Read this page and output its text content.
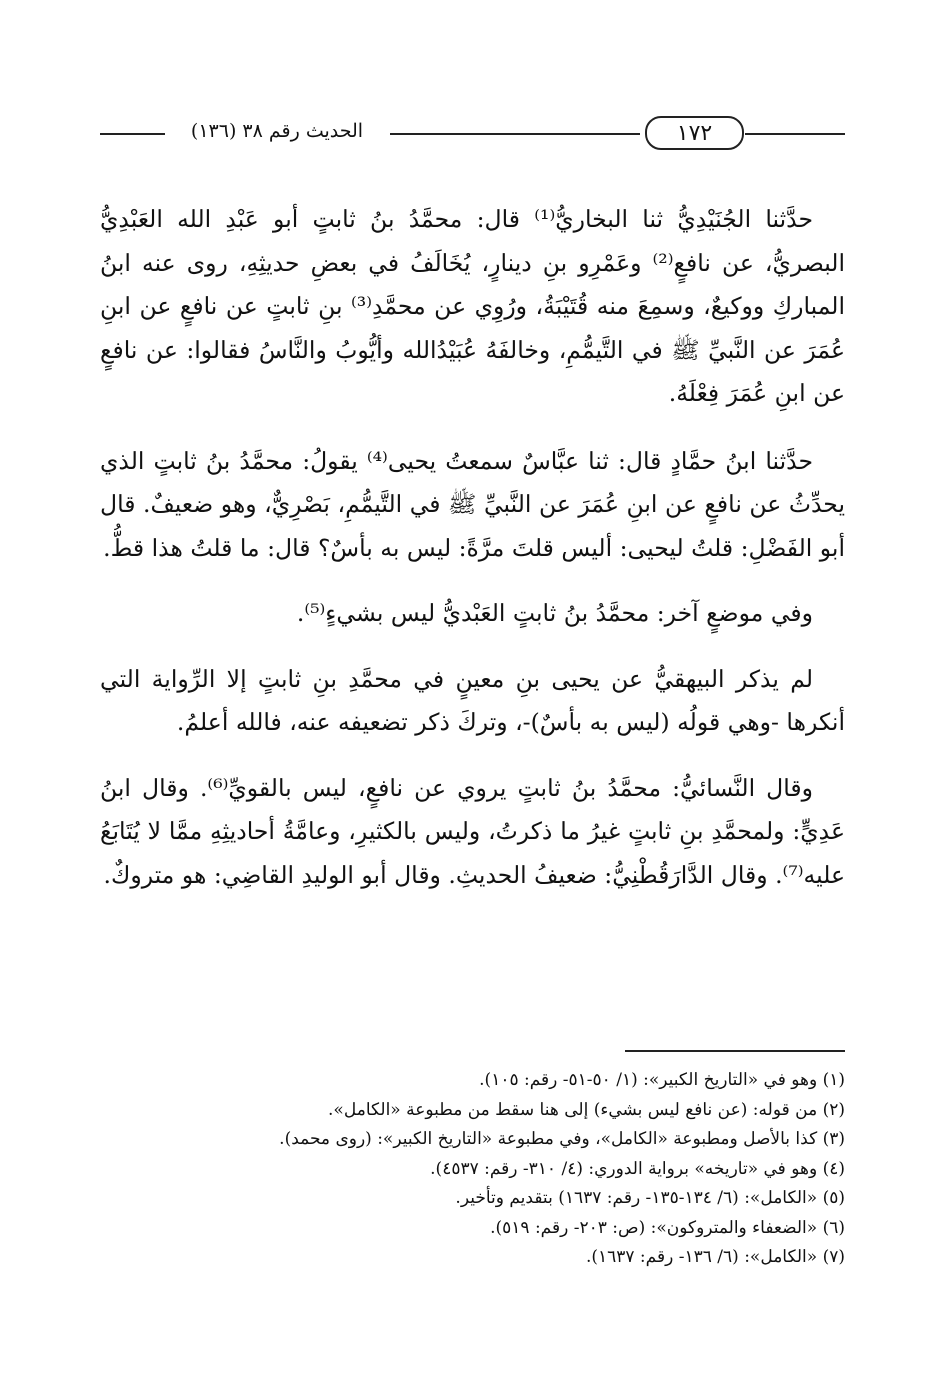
الحديث رقم ٣٨ (١٣٦)	١٧٢

حدَّثنا الجُنَيْدِيُّ ثنا البخاريُّ⁽¹⁾ قال: محمَّدُ بنُ ثابتٍ أبو عَبْدِ الله العَبْدِيُّ البصريُّ، عن نافعٍ⁽²⁾ وعَمْرِو بنِ دينارٍ، يُخَالَفُ في بعضِ حديثِهِ، روى عنه ابنُ المباركِ ووكيعٌ، وسمِعَ منه قُتَيْبَةُ، ورُوِي عن محمَّدِ⁽³⁾ بنِ ثابتٍ عن نافعٍ عن ابنِ عُمَرَ عن النَّبيِّ ﷺ في التَّيمُّمِ، وخالفَهُ عُبَيْدُالله وأيُّوبُ والنَّاسُ فقالوا: عن نافعٍ عن ابنِ عُمَرَ فِعْلَهُ.

حدَّثنا ابنُ حمَّادٍ قال: ثنا عبَّاسٌ سمعتُ يحيى⁽⁴⁾ يقولُ: محمَّدُ بنُ ثابتٍ الذي يحدِّثُ عن نافعٍ عن ابنِ عُمَرَ عن النَّبيِّ ﷺ في التَّيمُّمِ، بَصْرِيٌّ، وهو ضعيفٌ. قال أبو الفَضْلِ: قلتُ ليحيى: أليس قلتَ مرَّةً: ليس به بأسٌ؟ قال: ما قلتُ هذا قطُّ.

وفي موضعٍ آخر: محمَّدُ بنُ ثابتٍ العَبْديُّ ليس بشيءٍ⁽⁵⁾.

لم يذكر البيهقيُّ عن يحيى بنِ معينٍ في محمَّدِ بنِ ثابتٍ إلا الرِّواية التي أنكرها -وهي قولُه (ليس به بأسٌ)-، وتركَ ذكر تضعيفه عنه، فالله أعلمُ.

وقال النَّسائيُّ: محمَّدُ بنُ ثابتٍ يروي عن نافعٍ، ليس بالقويِّ⁽⁶⁾. وقال ابنُ عَدِيٍّ: ولمحمَّدِ بنِ ثابتٍ غيرُ ما ذكرتُ، وليس بالكثيرِ، وعامَّةُ أحاديثِهِ ممَّا لا يُتَابَعُ عليه⁽⁷⁾. وقال الدَّارَقُطْنِيُّ: ضعيفُ الحديثِ. وقال أبو الوليدِ القاضِي: هو متروكٌ.

(١) وهو في «التاريخ الكبير»: (١/ ٥٠-٥١- رقم: ١٠٥).
(٢) من قوله: (عن نافع ليس بشيء) إلى هنا سقط من مطبوعة «الكامل».
(٣) كذا بالأصل ومطبوعة «الكامل»، وفي مطبوعة «التاريخ الكبير»: (روى محمد).
(٤) وهو في «تاريخه» برواية الدوري: (٤/ ٣١٠- رقم: ٤٥٣٧).
(٥) «الكامل»: (٦/ ١٣٤-١٣٥- رقم: ١٦٣٧) بتقديم وتأخير.
(٦) «الضعفاء والمتروكون»: (ص: ٢٠٣- رقم: ٥١٩).
(٧) «الكامل»: (٦/ ١٣٦- رقم: ١٦٣٧).
